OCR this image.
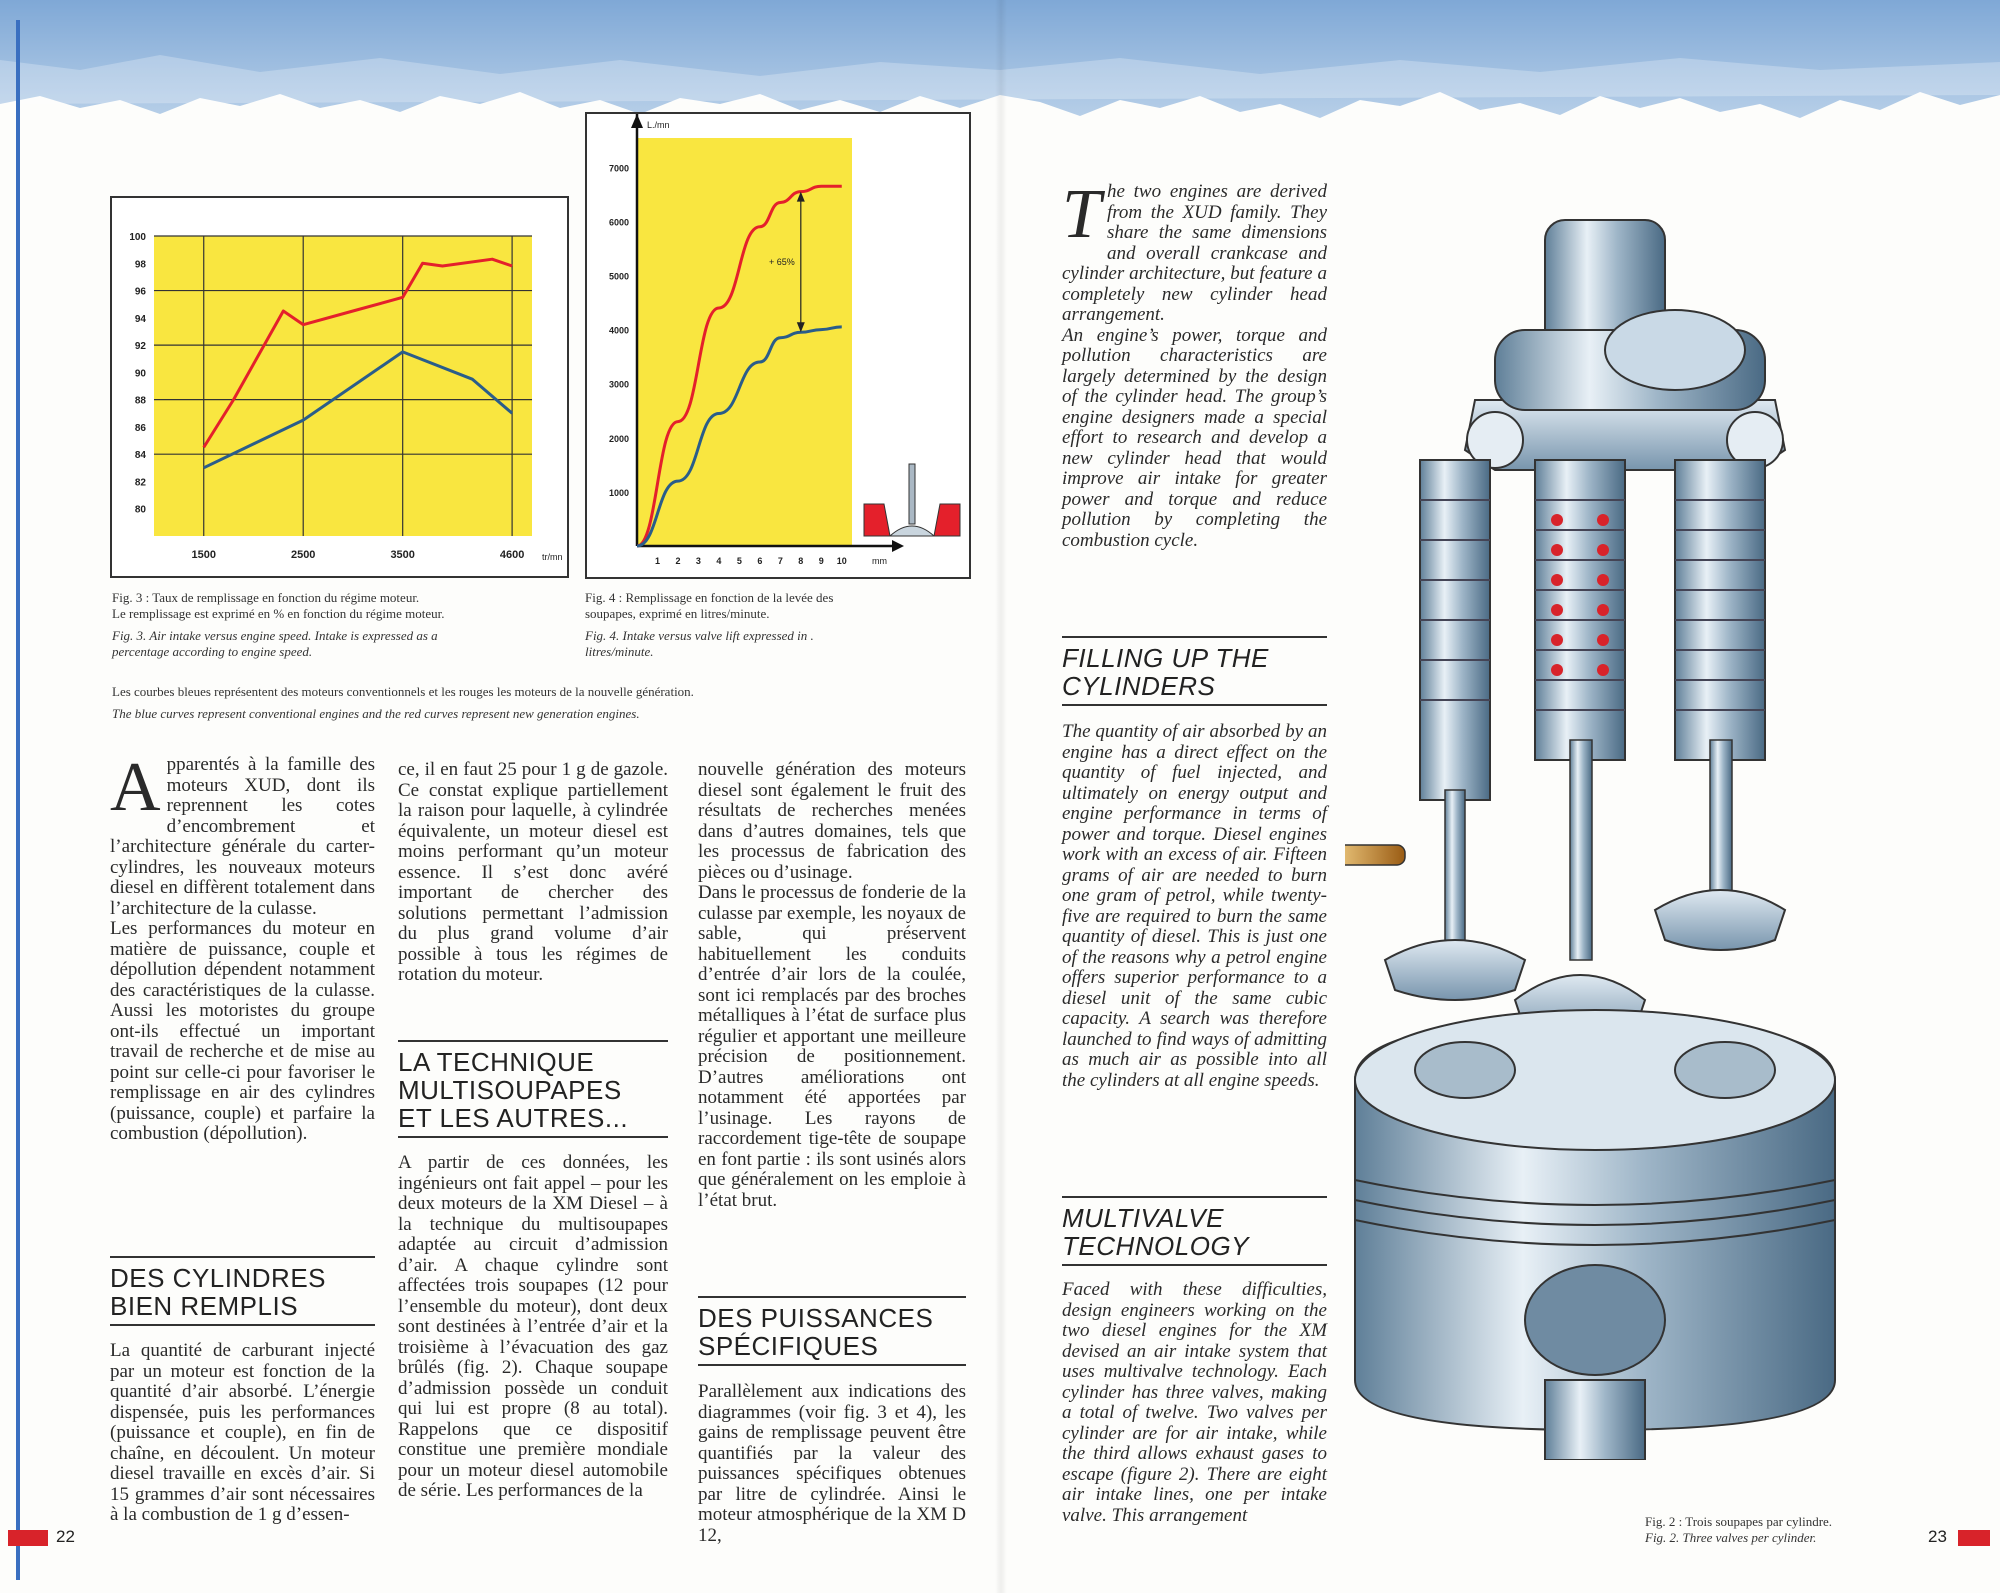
1500	2500	3500	4600 tr/mn
100
98
96
94
92
90
88
86
84
82
80
Fig. 3 : Taux de remplissage en fonction du régime moteur.
Le remplissage est exprimé en % en fonction du régime moteur.
Fig. 3. Air intake versus engine speed. Intake is expressed as a
percentage according to engine speed.
L./mn
7000
6000
5000
4000
3000
2000
1000
1 2 3 4 5 6 7 8 9 10	mm
+ 65%
Fig. 4 : Remplissage en fonction de la levée des
soupapes, exprimé en litres/minute.
Fig. 4. Intake versus valve lift expressed in .
litres/minute.
Les courbes bleues représentent des moteurs conventionnels et les rouges les moteurs de la nouvelle génération.
The blue curves represent conventional engines and the red curves represent new generation engines.

Apparentés à la famille des moteurs XUD, dont ils reprennent les cotes d’encombrement et l’architecture générale du carter-cylindres, les nouveaux moteurs diesel en diffèrent totalement dans l’architecture de la culasse.

Les performances du moteur en matière de puissance, couple et dépollution dépendent notamment des caractéristiques de la culasse. Aussi les motoristes du groupe ont-ils effectué un important travail de recherche et de mise au point sur celle-ci pour favoriser le remplissage en air des cylindres (puissance, couple) et parfaire la combustion (dépollution).

DES CYLINDRES
BIEN REMPLIS

La quantité de carburant injecté par un moteur est fonction de la quantité d’air absorbé. L’énergie dispensée, puis les performances (puissance et couple), en fin de chaîne, en découlent. Un moteur diesel travaille en excès d’air. Si 15 grammes d’air sont nécessaires à la combustion de 1 g d’essen-

ce, il en faut 25 pour 1 g de gazole. Ce constat explique partiellement la raison pour laquelle, à cylindrée équivalente, un moteur diesel est moins performant qu’un moteur essence. Il s’est donc avéré important de chercher des solutions permettant l’admission du plus grand volume d’air possible à tous les régimes de rotation du moteur.

LA TECHNIQUE
MULTISOUPAPES
ET LES AUTRES...

A partir de ces données, les ingénieurs ont fait appel – pour les deux moteurs de la XM Diesel – à la technique du multisoupapes adaptée au circuit d’admission d’air. A chaque cylindre sont affectées trois soupapes (12 pour l’ensemble du moteur), dont deux sont destinées à l’entrée d’air et la troisième à l’évacuation des gaz brûlés (fig. 2). Chaque soupape d’admission possède un conduit qui lui est propre (8 au total). Rappelons que ce dispositif constitue une première mondiale pour un moteur diesel automobile de série. Les performances de la

nouvelle génération des moteurs diesel sont également le fruit des résultats de recherches menées dans d’autres domaines, tels que les processus de fabrication des pièces ou d’usinage.

Dans le processus de fonderie de la culasse par exemple, les noyaux de sable, qui préservent habituellement les conduits d’entrée d’air lors de la coulée, sont ici remplacés par des broches métalliques à l’état de surface plus régulier et apportant une meilleure précision de positionnement. D’autres améliorations ont notamment été apportées par l’usinage. Les rayons de raccordement tige-tête de soupape en font partie : ils sont usinés alors que généralement on les emploie à l’état brut.

DES PUISSANCES
SPÉCIFIQUES

Parallèlement aux indications des diagrammes (voir fig. 3 et 4), les gains de remplissage peuvent être quantifiés par la valeur des puissances spécifiques obtenues par litre de cylindrée. Ainsi le moteur atmosphérique de la XM D 12,

The two engines are derived from the XUD family. They share the same dimensions and overall crankcase and cylinder architecture, but feature a completely new cylinder head arrangement.

An engine’s power, torque and pollution characteristics are largely determined by the design of the cylinder head. The group’s engine designers made a special effort to research and develop a new cylinder head that would improve air intake for greater power and torque and reduce pollution by completing the combustion cycle.

FILLING UP THE
CYLINDERS

The quantity of air absorbed by an engine has a direct effect on the quantity of fuel injected, and ultimately on energy output and engine performance in terms of power and torque. Diesel engines work with an excess of air. Fifteen grams of air are needed to burn one gram of petrol, while twenty-five are required to burn the same quantity of diesel. This is just one of the reasons why a petrol engine offers superior performance to a diesel unit of the same cubic capacity. A search was therefore launched to find ways of admitting as much air as possible into all the cylinders at all engine speeds.

MULTIVALVE
TECHNOLOGY

Faced with these difficulties, design engineers working on the two diesel engines for the XM devised an air intake system that uses multivalve technology. Each cylinder has three valves, making a total of twelve. Two valves per cylinder are for air intake, while the third allows exhaust gases to escape (figure 2). There are eight air intake lines, one per intake valve. This arrangement	Fig. 2 : Trois soupapes par cylindre.
Fig. 2. Three valves per cylinder.
22	23
